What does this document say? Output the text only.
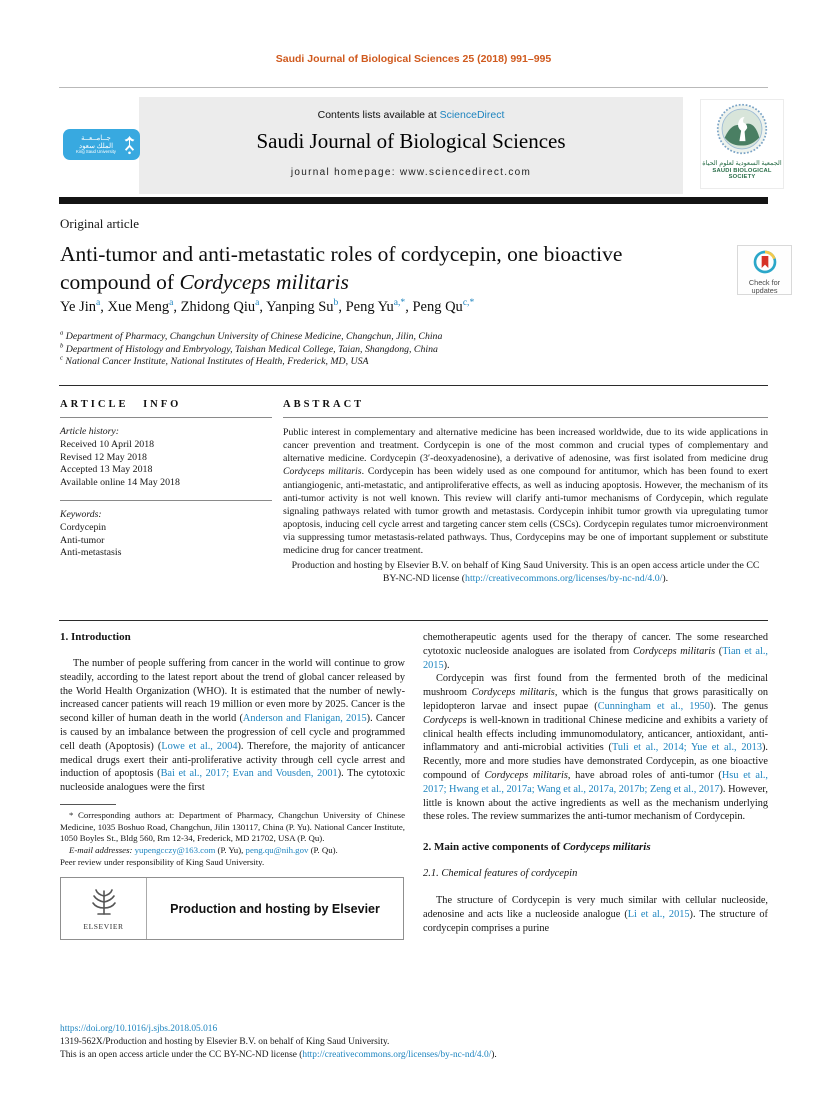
Saudi Journal of Biological Sciences 25 (2018) 991–995
Contents lists available at ScienceDirect
Saudi Journal of Biological Sciences
journal homepage: www.sciencedirect.com
جــامــعــة
الملك سعود
King Saud University
الجمعية السعودية لعلوم الحياة
SAUDI BIOLOGICAL SOCIETY
Original article
Anti-tumor and anti-metastatic roles of cordycepin, one bioactive compound of Cordyceps militaris	Check for
updates
Ye Jin$^a$, Xue Meng$^a$, Zhidong Qiu$^a$, Yanping Su$^b$, Peng $Yu^{a,*}$, Peng $Qu^{c,*}$
$^a$ Department of Pharmacy, Changchun University of Chinese Medicine, Changchun, Jilin, China
$^b$ Department of Histology and Embryology, Taishan Medical College, Taian, Shangdong, China
$^c$ National Cancer Institute, National Institutes of Health, Frederick, MD, USA
ARTICLE INFO
Article history:
Received 10 April 2018
Revised 12 May 2018
Accepted 13 May 2018
Available online 14 May 2018
Keywords:
Cordycepin
Anti-tumor
Anti-metastasis
ABSTRACT

Public interest in complementary and alternative medicine has been increased worldwide, due to its wide applications in cancer prevention and treatment. Cordycepin is one of the most common and crucial types of complementary and alternative medicine. Cordycepin (3′-deoxyadenosine), a derivative of adenosine, was first isolated from medicine drug Cordyceps militaris. Cordycepin has been widely used as one compound for antitumor, which has been found to exert antiangiogenic, anti-metastatic, and antiproliferative effects, as well as inducing apoptosis. However, the mechanism of its anti-tumor activity is not well known. This review will clarify anti-tumor mechanisms of Cordycepin, which regulate signaling pathways related with tumor growth and metastasis. Cordycepin inhibit tumor growth via upregulating tumor apoptosis, inducing cell cycle arrest and targeting cancer stem cells (CSCs). Cordycepin regulates tumor microenvironment via suppressing tumor metastasis-related pathways. Thus, Cordycepins may be one of important supplement or substitute medicine drug for cancer treatment.

Production and hosting by Elsevier B.V. on behalf of King Saud University. This is an open access article under the CC BY-NC-ND license (http://creativecommons.org/licenses/by-nc-nd/4.0/).

1. Introduction

The number of people suffering from cancer in the world will continue to grow steadily, according to the latest report about the trend of global cancer released by the World Health Organization (WHO). It is estimated that the number of newly-increased cancer patients will reach 19 million or even more by 2025. Cancer is the second killer of human death in the world (Anderson and Flanigan, 2015). Cancer is caused by an imbalance between the progression of cell cycle and programmed cell death (Apoptosis) (Lowe et al., 2004). Therefore, the majority of anticancer medical drugs exert their anti-proliferative activity through cell cycle arrest and induction of apoptosis (Bai et al., 2017; Evan and Vousden, 2001). The cytotoxic nucleoside analogues were the first

* Corresponding authors at: Department of Pharmacy, Changchun University of Chinese Medicine, 1035 Boshuo Road, Changchun, Jilin 130117, China (P. Yu). National Cancer Institute, 1050 Boyles St., Bldg 560, Rm 12-34, Frederick, MD 21702, USA (P. Qu).

E-mail addresses: yupengcczy@163.com (P. Yu), peng.qu@nih.gov (P. Qu).

Peer review under responsibility of King Saud University.

ELSEVIER
Production and hosting by Elsevier

chemotherapeutic agents used for the therapy of cancer. The some researched cytotoxic nucleoside analogues are isolated from Cordyceps militaris (Tian et al., 2015).

Cordycepin was first found from the fermented broth of the medicinal mushroom Cordyceps militaris, which is the fungus that grows parasitically on lepidopteron larvae and insect pupae (Cunningham et al., 1950). The genus Cordyceps is well-known in traditional Chinese medicine and exhibits a variety of clinical health effects including immunomodulatory, anticancer, antioxidant, anti-inflammatory and anti-microbial activities (Tuli et al., 2014; Yue et al., 2013). Recently, more and more studies have demonstrated Cordycepin, as one bioactive compound of Cordyceps militaris, have abroad roles of anti-tumor (Hsu et al., 2017; Hwang et al., 2017a; Wang et al., 2017a, 2017b; Zeng et al., 2017). However, little is known about the active ingredients as well as the mechanism underlying these roles. The review summarizes the anti-tumor mechanism of Cordycepin.

2. Main active components of Cordyceps militaris
2.1. Chemical features of cordycepin

The structure of Cordycepin is very much similar with cellular nucleoside, adenosine and acts like a nucleoside analogue (Li et al., 2015). The structure of cordycepin comprises a purine

https://doi.org/10.1016/j.sjbs.2018.05.016
1319-562X/Production and hosting by Elsevier B.V. on behalf of King Saud University.
This is an open access article under the CC BY-NC-ND license (http://creativecommons.org/licenses/by-nc-nd/4.0/).
